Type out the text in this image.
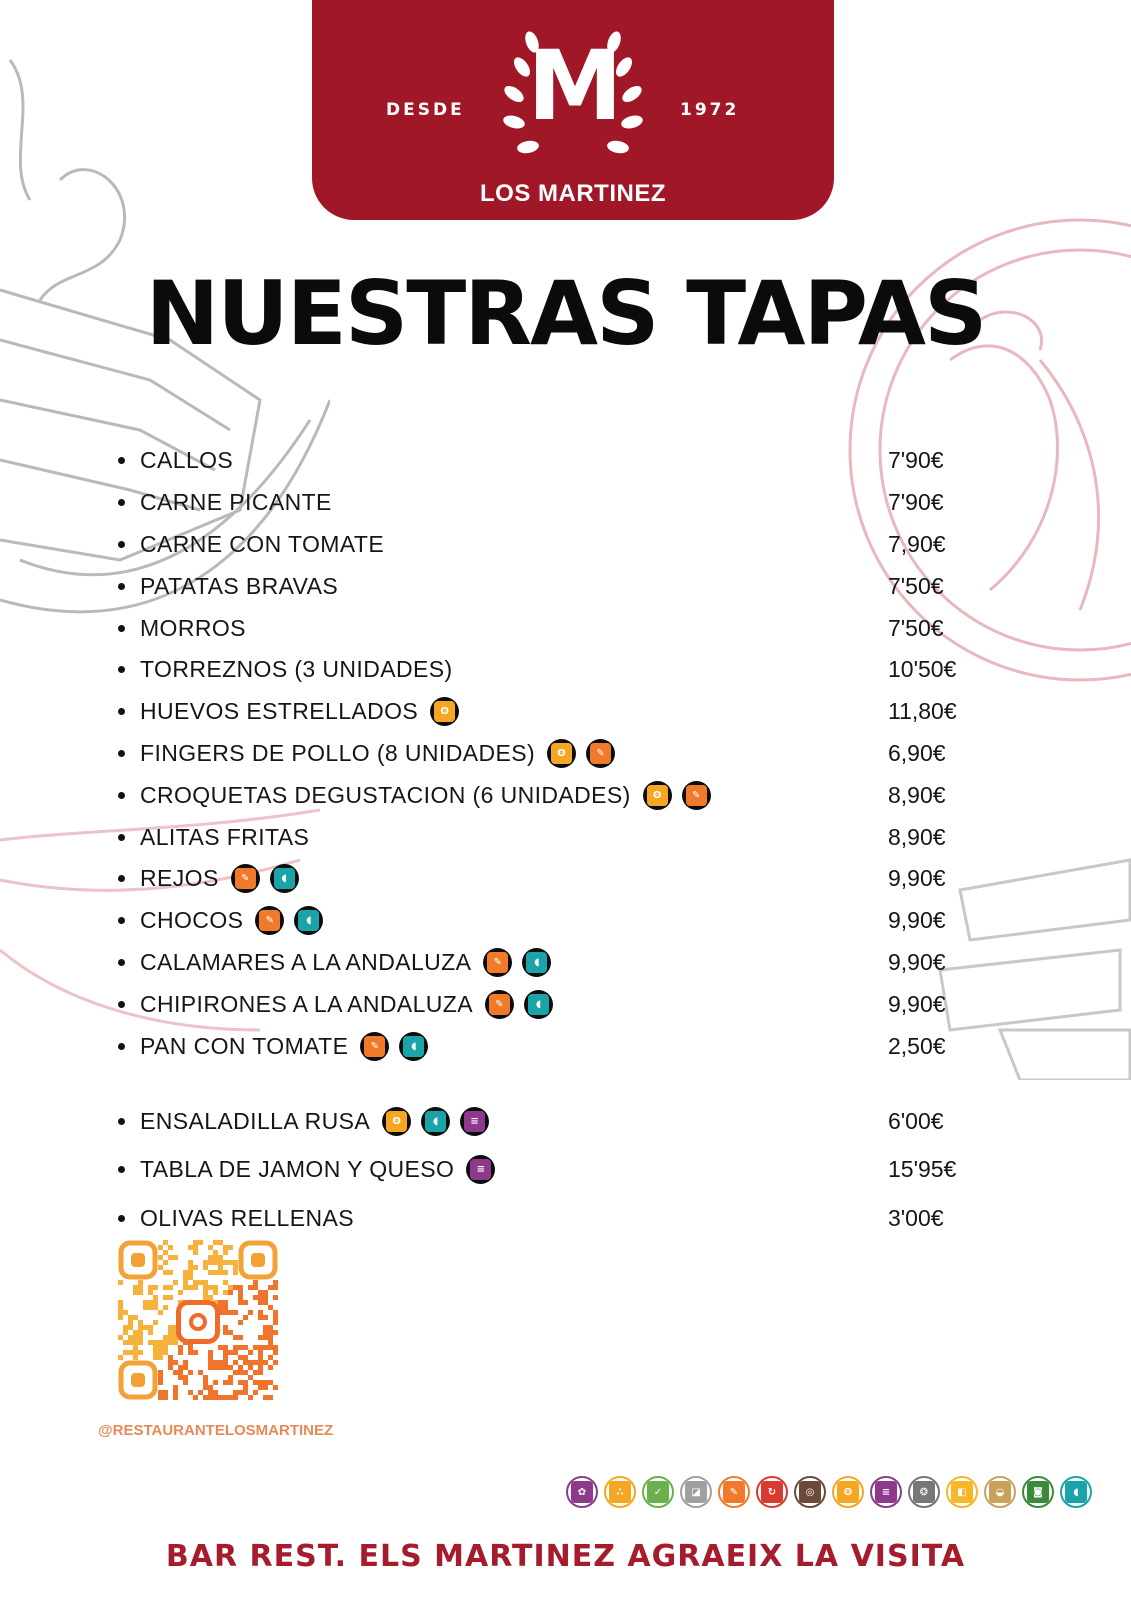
DESDE M	1972
LOS MARTINEZ
NUESTRAS TAPAS
CALLOS	7'90€
CARNE PICANTE	7'90€
CARNE CON TOMATE	7,90€
PATATAS BRAVAS	7'50€
MORROS	7'50€
TORREZNOS (3 UNIDADES)	10'50€
HUEVOS ESTRELLADOS	ʘ	11,80€
FINGERS DE POLLO (8 UNIDADES)	ʘ	✎	6,90€
CROQUETAS DEGUSTACION (6 UNIDADES)	ʘ	✎	8,90€
ALITAS FRITAS	8,90€
REJOS	✎	◖	9,90€
CHOCOS	✎	◖	9,90€
CALAMARES A LA ANDALUZA	✎	◖	9,90€
CHIPIRONES A LA ANDALUZA	✎	◖	9,90€
PAN CON TOMATE	✎	◖	2,50€
ENSALADILLA RUSA	ʘ	◖	≡	6'00€
TABLA DE JAMON Y QUESO	≡	15'95€
OLIVAS RELLENAS	3'00€
@RESTAURANTELOSMARTINEZ
✿	∴	✓	◪	✎	↻	◎	ʘ	≡	❂	◧	◒	◙	◖
BAR REST. ELS MARTINEZ AGRAEIX LA VISITA
